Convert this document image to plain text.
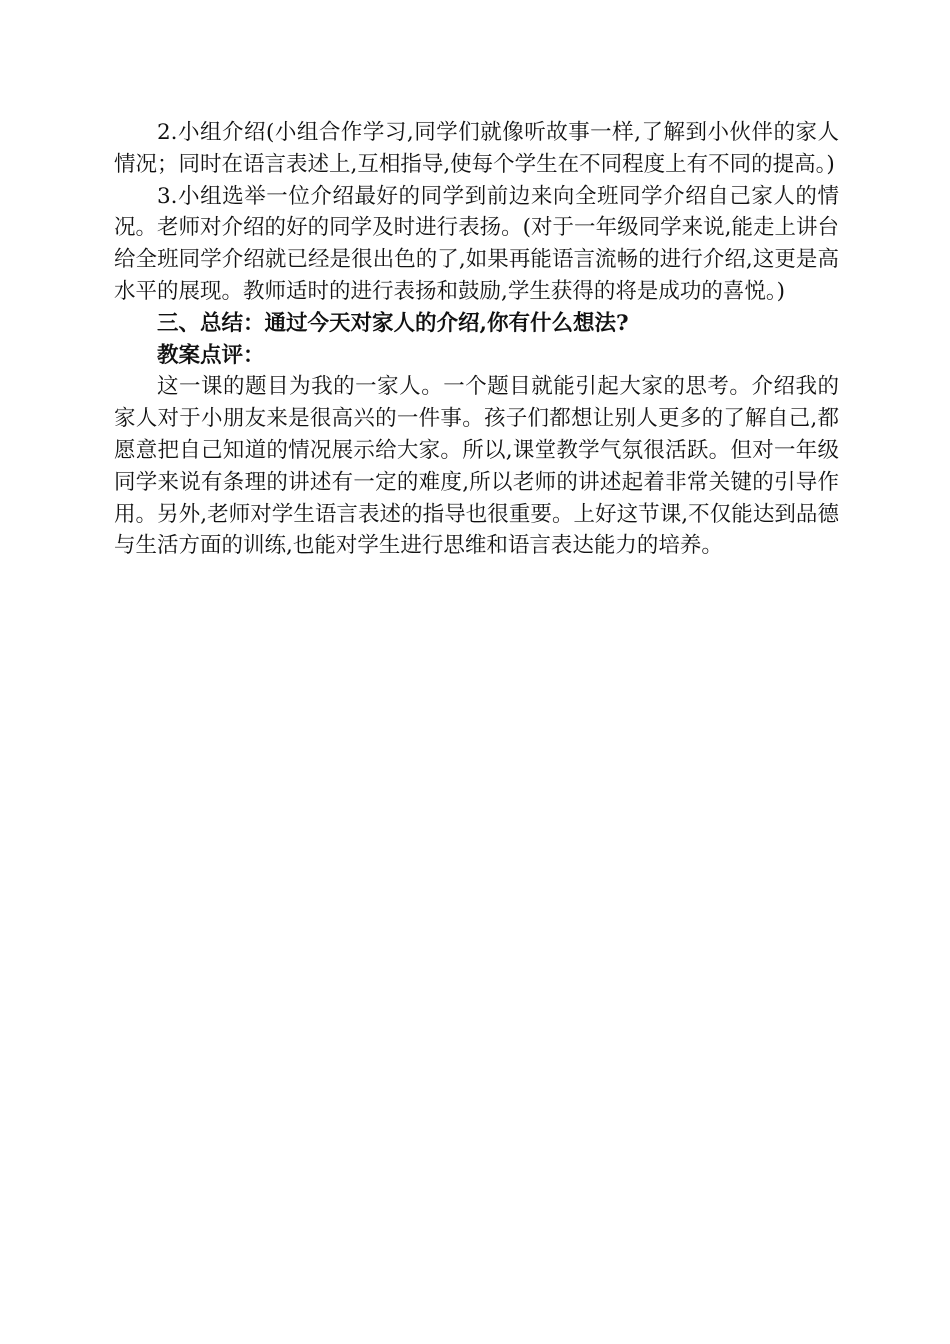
2.小组介绍(小组合作学习,同学们就像听故事一样,了解到小伙伴的家人情况；同时在语言表述上,互相指导,使每个学生在不同程度上有不同的提高。)

3.小组选举一位介绍最好的同学到前边来向全班同学介绍自己家人的情况。老师对介绍的好的同学及时进行表扬。(对于一年级同学来说,能走上讲台给全班同学介绍就已经是很出色的了,如果再能语言流畅的进行介绍,这更是高水平的展现。教师适时的进行表扬和鼓励,学生获得的将是成功的喜悦。)

三、总结：通过今天对家人的介绍,你有什么想法?

教案点评：

这一课的题目为我的一家人。一个题目就能引起大家的思考。介绍我的家人对于小朋友来是很高兴的一件事。孩子们都想让别人更多的了解自己,都愿意把自己知道的情况展示给大家。所以,课堂教学气氛很活跃。但对一年级同学来说有条理的讲述有一定的难度,所以老师的讲述起着非常关键的引导作用。另外,老师对学生语言表述的指导也很重要。上好这节课,不仅能达到品德与生活方面的训练,也能对学生进行思维和语言表达能力的培养。
